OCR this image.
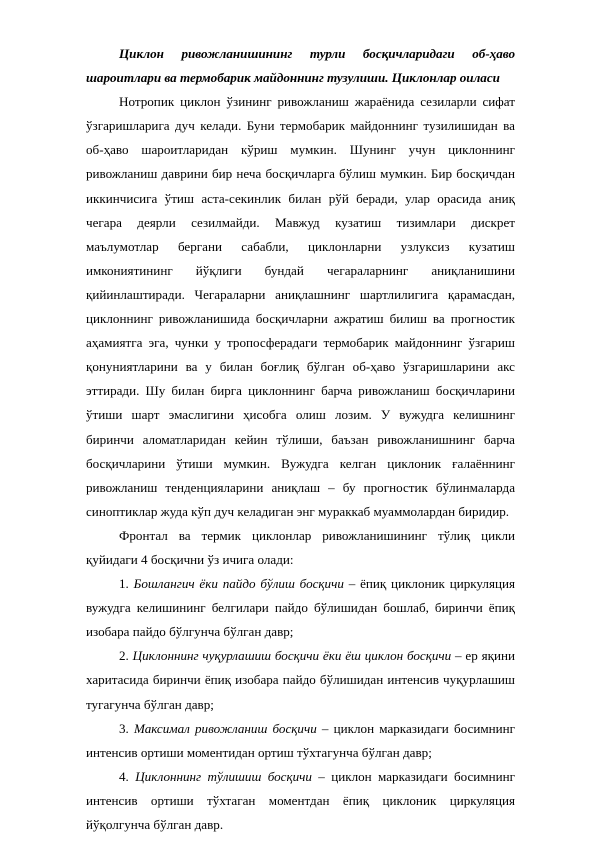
Циклон ривожланишининг турли босқичларидаги об-ҳаво

шароитлари ва термобарик майдоннинг тузулиши. Циклонлар оиласи

Нотропик циклон ўзининг ривожланиш жараёнида сезиларли сифат ўзгаришларига дуч келади. Буни термобарик майдоннинг тузилишидан ва об-ҳаво шароитларидан кўриш мумкин. Шунинг учун циклоннинг ривожланиш даврини бир неча босқичларга бўлиш мумкин. Бир босқичдан иккинчисига ўтиш аста-секинлик билан рўй беради, улар орасида аниқ чегара деярли сезилмайди. Мавжуд кузатиш тизимлари дискрет маълумотлар бергани сабабли, циклонларни узлуксиз кузатиш имкониятининг йўқлиги бундай чегараларнинг аниқланишини қийинлаштиради. Чегараларни аниқлашнинг шартлилигига қарамасдан, циклоннинг ривожланишида босқичларни ажратиш билиш ва прогностик аҳамиятга эга, чунки у тропосферадаги термобарик майдоннинг ўзгариш қонуниятларини ва у билан боғлиқ бўлган об-ҳаво ўзгаришларини акс эттиради. Шу билан бирга циклоннинг барча ривожланиш босқичларини ўтиши шарт эмаслигини ҳисобга олиш лозим. У вужудга келишнинг биринчи аломатларидан кейин тўлиши, баъзан ривожланишнинг барча босқичларини ўтиши мумкин. Вужудга келган циклоник ғалаённинг ривожланиш тенденцияларини аниқлаш – бу прогностик бўлинмаларда синоптиклар жуда кўп дуч келадиган энг мураккаб муаммолардан биридир.

Фронтал ва термик циклонлар ривожланишининг тўлиқ цикли қуйидаги 4 босқични ўз ичига олади:

1. Бошлангич ёки пайдо бўлиш босқичи – ёпиқ циклоник циркуляция вужудга келишининг белгилари пайдо бўлишидан бошлаб, биринчи ёпиқ изобара пайдо бўлгунча бўлган давр;

2. Циклоннинг чуқурлашиш босқичи ёки ёш циклон босқичи – ер яқини харитасида биринчи ёпиқ изобара пайдо бўлишидан интенсив чуқурлашиш тугагунча бўлган давр;

3. Максимал ривожланиш босқичи – циклон марказидаги босимнинг интенсив ортиши моментидан ортиш тўхтагунча бўлган давр;

4. Циклоннинг тўлишиш босқичи – циклон марказидаги босимнинг интенсив ортиши тўхтаган моментдан ёпиқ циклоник циркуляция йўқолгунча бўлган давр.
